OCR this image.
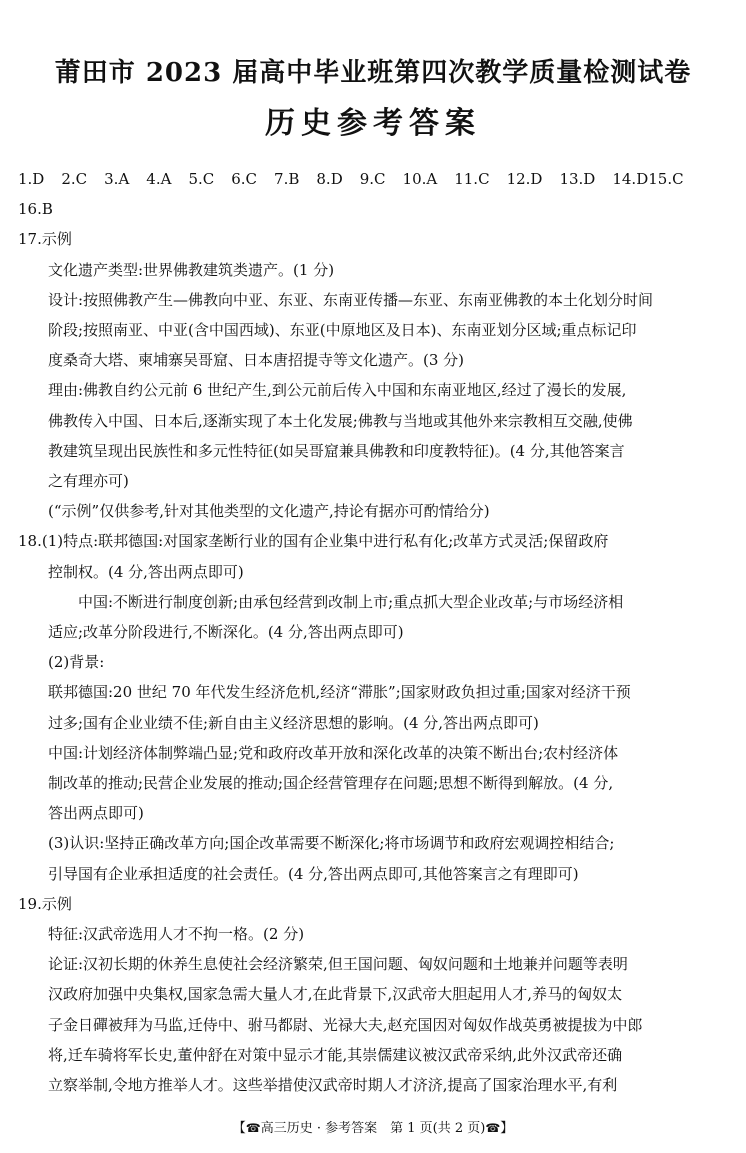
莆田市 2023 届高中毕业班第四次教学质量检测试卷
历史参考答案
1.D 2.C 3.A 4.A 5.C 6.C 7.B 8.D 9.C 10.A 11.C 12.D 13.D 14.D 15.C
16.B
17.示例
文化遗产类型:世界佛教建筑类遗产。(1 分)
设计:按照佛教产生—佛教向中亚、东亚、东南亚传播—东亚、东南亚佛教的本土化划分时间
阶段;按照南亚、中亚(含中国西域)、东亚(中原地区及日本)、东南亚划分区域;重点标记印
度桑奇大塔、柬埔寨吴哥窟、日本唐招提寺等文化遗产。(3 分)
理由:佛教自约公元前 6 世纪产生,到公元前后传入中国和东南亚地区,经过了漫长的发展,
佛教传入中国、日本后,逐渐实现了本土化发展;佛教与当地或其他外来宗教相互交融,使佛
教建筑呈现出民族性和多元性特征(如吴哥窟兼具佛教和印度教特征)。(4 分,其他答案言
之有理亦可)
(“示例”仅供参考,针对其他类型的文化遗产,持论有据亦可酌情给分)
18.(1)特点:联邦德国:对国家垄断行业的国有企业集中进行私有化;改革方式灵活;保留政府
控制权。(4 分,答出两点即可)
中国:不断进行制度创新;由承包经营到改制上市;重点抓大型企业改革;与市场经济相
适应;改革分阶段进行,不断深化。(4 分,答出两点即可)
(2)背景:
联邦德国:20 世纪 70 年代发生经济危机,经济“滞胀”;国家财政负担过重;国家对经济干预
过多;国有企业业绩不佳;新自由主义经济思想的影响。(4 分,答出两点即可)
中国:计划经济体制弊端凸显;党和政府改革开放和深化改革的决策不断出台;农村经济体
制改革的推动;民营企业发展的推动;国企经营管理存在问题;思想不断得到解放。(4 分,
答出两点即可)
(3)认识:坚持正确改革方向;国企改革需要不断深化;将市场调节和政府宏观调控相结合;
引导国有企业承担适度的社会责任。(4 分,答出两点即可,其他答案言之有理即可)
19.示例
特征:汉武帝选用人才不拘一格。(2 分)
论证:汉初长期的休养生息使社会经济繁荣,但王国问题、匈奴问题和土地兼并问题等表明
汉政府加强中央集权,国家急需大量人才,在此背景下,汉武帝大胆起用人才,养马的匈奴太
子金日磾被拜为马监,迁侍中、驸马都尉、光禄大夫,赵充国因对匈奴作战英勇被提拔为中郎
将,迁车骑将军长史,董仲舒在对策中显示才能,其崇儒建议被汉武帝采纳,此外汉武帝还确
立察举制,令地方推举人才。这些举措使汉武帝时期人才济济,提高了国家治理水平,有利
【☎高三历史 · 参考答案　第 1 页(共 2 页)☎】
